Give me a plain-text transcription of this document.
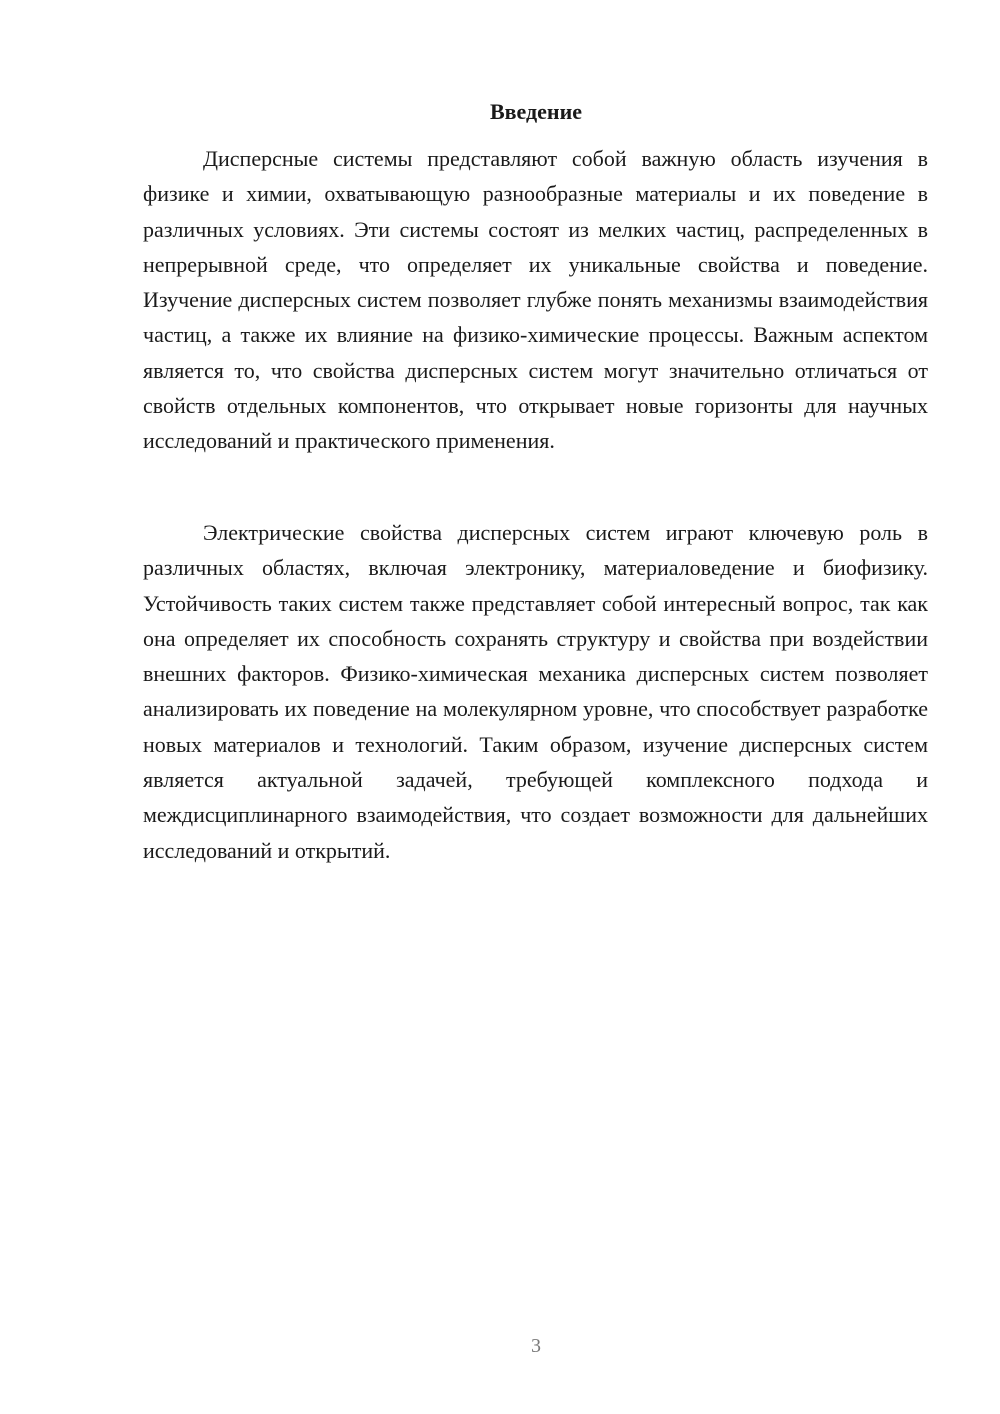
Введение

Дисперсные системы представляют собой важную область изучения в физике и химии, охватывающую разнообразные материалы и их поведение в различных условиях. Эти системы состоят из мелких частиц, распределенных в непрерывной среде, что определяет их уникальные свойства и поведение. Изучение дисперсных систем позволяет глубже понять механизмы взаимодействия частиц, а также их влияние на физико-химические процессы. Важным аспектом является то, что свойства дисперсных систем могут значительно отличаться от свойств отдельных компонентов, что открывает новые горизонты для научных исследований и практического применения.

Электрические свойства дисперсных систем играют ключевую роль в различных областях, включая электронику, материаловедение и биофизику. Устойчивость таких систем также представляет собой интересный вопрос, так как она определяет их способность сохранять структуру и свойства при воздействии внешних факторов. Физико-химическая механика дисперсных систем позволяет анализировать их поведение на молекулярном уровне, что способствует разработке новых материалов и технологий. Таким образом, изучение дисперсных систем является актуальной задачей, требующей комплексного подхода и междисциплинарного взаимодействия, что создает возможности для дальнейших исследований и открытий.

3
